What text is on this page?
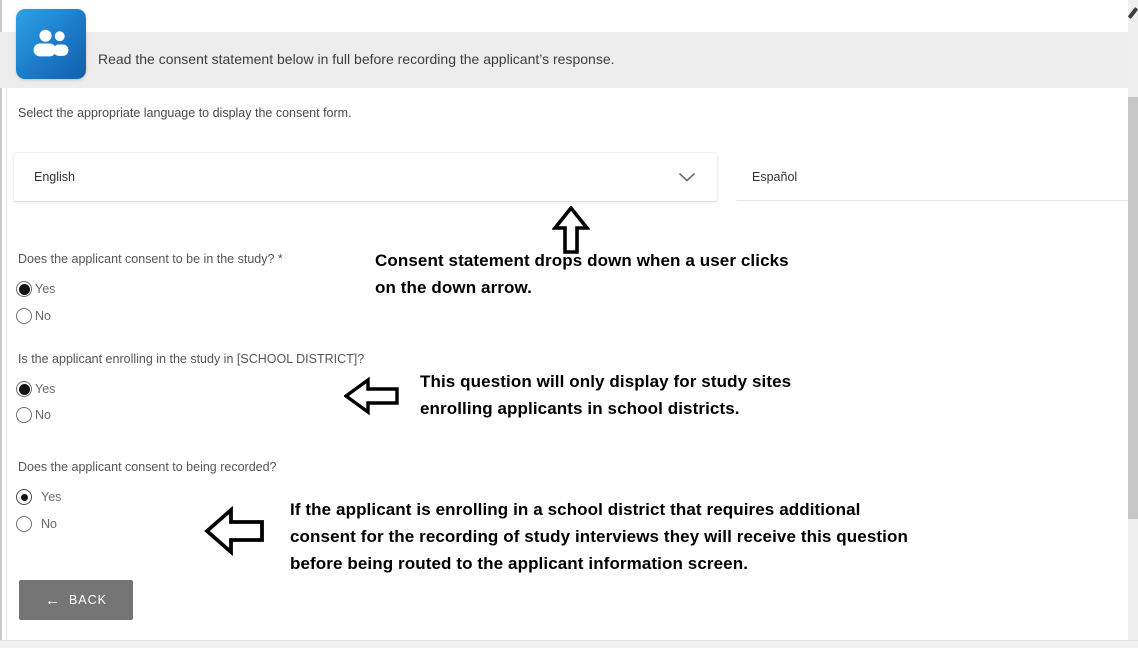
Read the consent statement below in full before recording the applicant’s response.
Select the appropriate language to display the consent form.
English	Español
Does the applicant consent to be in the study? *
Yes
No
Consent statement drops down when a user clicks
on the down arrow.
Is the applicant enrolling in the study in [SCHOOL DISTRICT]?
Yes
No
This question will only display for study sites
enrolling applicants in school districts.
Does the applicant consent to being recorded?
Yes
No
If the applicant is enrolling in a school district that requires additional
consent for the recording of study interviews they will receive this question
before being routed to the applicant information screen.
← BACK
